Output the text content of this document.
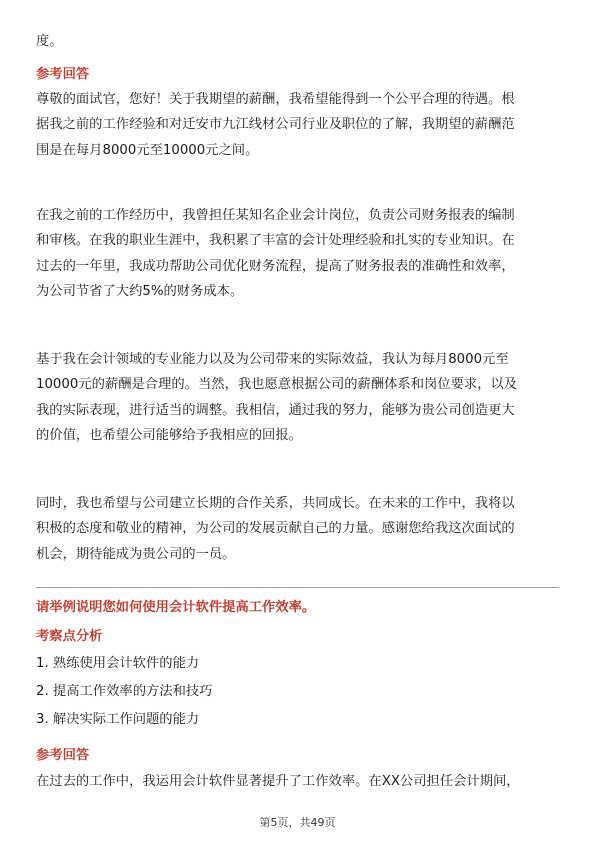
度。
参考回答
尊敬的面试官，您好！关于我期望的薪酬，我希望能得到一个公平合理的待遇。根
据我之前的工作经验和对迁安市九江线材公司行业及职位的了解，我期望的薪酬范
围是在每月8000元至10000元之间。
在我之前的工作经历中，我曾担任某知名企业会计岗位，负责公司财务报表的编制
和审核。在我的职业生涯中，我积累了丰富的会计处理经验和扎实的专业知识。在
过去的一年里，我成功帮助公司优化财务流程，提高了财务报表的准确性和效率，
为公司节省了大约5%的财务成本。
基于我在会计领域的专业能力以及为公司带来的实际效益，我认为每月8000元至
10000元的薪酬是合理的。当然，我也愿意根据公司的薪酬体系和岗位要求，以及
我的实际表现，进行适当的调整。我相信，通过我的努力，能够为贵公司创造更大
的价值，也希望公司能够给予我相应的回报。
同时，我也希望与公司建立长期的合作关系，共同成长。在未来的工作中，我将以
积极的态度和敬业的精神，为公司的发展贡献自己的力量。感谢您给我这次面试的
机会，期待能成为贵公司的一员。
请举例说明您如何使用会计软件提高工作效率。
考察点分析
1. 熟练使用会计软件的能力
2. 提高工作效率的方法和技巧
3. 解决实际工作问题的能力
参考回答
在过去的工作中，我运用会计软件显著提升了工作效率。在XX公司担任会计期间，
第5页，共49页
